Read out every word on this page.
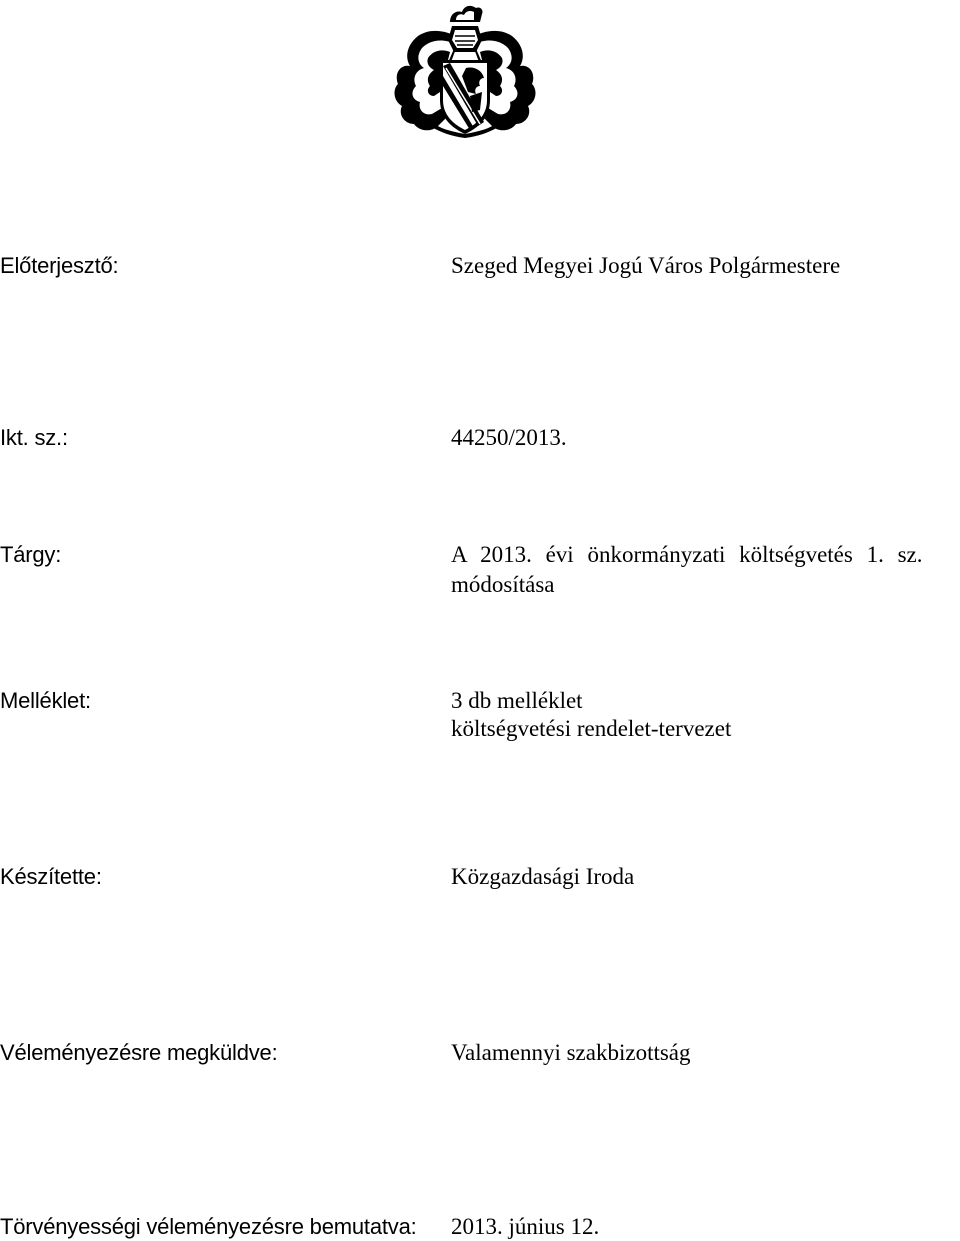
Előterjesztő:	Szeged Megyei Jogú Város Polgármestere
Ikt. sz.:	44250/2013.
Tárgy:	A 2013. évi önkormányzati költségvetés 1. sz.
módosítása
Melléklet:	3 db melléklet
költségvetési rendelet-tervezet
Készítette:	Közgazdasági Iroda
Véleményezésre megküldve:	Valamennyi szakbizottság
Törvényességi véleményezésre bemutatva: 2013. június 12.
